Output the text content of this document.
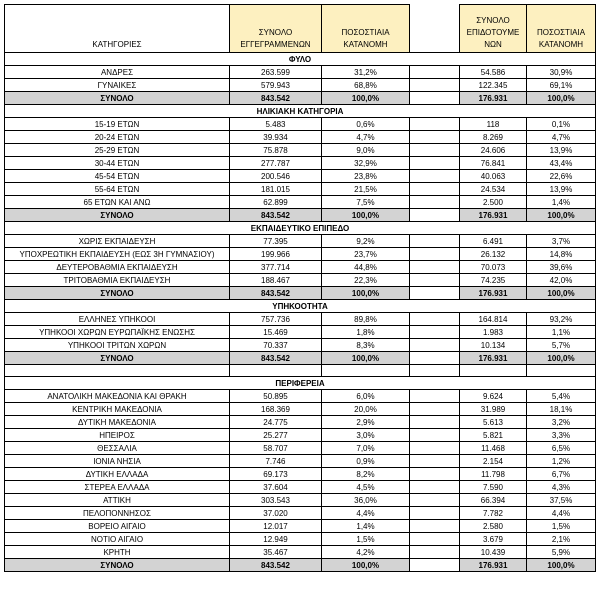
ΚΑΤΗΓΟΡΙΕΣ	ΣΥΝΟΛΟ ΕΓΓΕΓΡΑΜΜΕΝΩΝ	ΠΟΣΟΣΤΙΑΙΑ ΚΑΤΑΝΟΜΗ		ΣΥΝΟΛΟ ΕΠΙΔΟΤΟΥΜΕ ΝΩΝ	ΠΟΣΟΣΤΙΑΙΑ ΚΑΤΑΝΟΜΗ
ΦΥΛΟ					
ΑΝΔΡΕΣ	263.599	31,2%		54.586	30,9%
ΓΥΝΑΙΚΕΣ	579.943	68,8%		122.345	69,1%
ΣΥΝΟΛΟ	843.542	100,0%		176.931	100,0%
ΗΛΙΚΙΑΚΗ ΚΑΤΗΓΟΡΙΑ					
15-19 ΕΤΩΝ	5.483	0,6%		118	0,1%
20-24 ΕΤΩΝ	39.934	4,7%		8.269	4,7%
25-29 ΕΤΩΝ	75.878	9,0%		24.606	13,9%
30-44 ΕΤΩΝ	277.787	32,9%		76.841	43,4%
45-54 ΕΤΩΝ	200.546	23,8%		40.063	22,6%
55-64 ΕΤΩΝ	181.015	21,5%		24.534	13,9%
65 ΕΤΩΝ ΚΑΙ ΑΝΩ	62.899	7,5%		2.500	1,4%
ΣΥΝΟΛΟ	843.542	100,0%		176.931	100,0%
ΕΚΠΑΙΔΕΥΤΙΚΟ ΕΠΙΠΕΔΟ					
ΧΩΡΙΣ ΕΚΠΑΙΔΕΥΣΗ	77.395	9,2%		6.491	3,7%
ΥΠΟΧΡΕΩΤΙΚΗ ΕΚΠΑΙΔΕΥΣΗ (ΕΩΣ 3Η ΓΥΜΝΑΣΙΟΥ)	199.966	23,7%		26.132	14,8%
ΔΕΥΤΕΡΟΒΑΘΜΙΑ ΕΚΠΑΙΔΕΥΣΗ	377.714	44,8%		70.073	39,6%
ΤΡΙΤΟΒΑΘΜΙΑ ΕΚΠΑΙΔΕΥΣΗ	188.467	22,3%		74.235	42,0%
ΣΥΝΟΛΟ	843.542	100,0%		176.931	100,0%
ΥΠΗΚΟΟΤΗΤΑ					
ΕΛΛΗΝΕΣ ΥΠΗΚΟΟΙ	757.736	89,8%		164.814	93,2%
ΥΠΗΚΟΟΙ ΧΩΡΩΝ ΕΥΡΩΠΑΪΚΗΣ ΕΝΩΣΗΣ	15.469	1,8%		1.983	1,1%
ΥΠΗΚΟΟΙ ΤΡΙΤΩΝ ΧΩΡΩΝ	70.337	8,3%		10.134	5,7%
ΣΥΝΟΛΟ	843.542	100,0%		176.931	100,0%

ΠΕΡΙΦΕΡΕΙΑ					
ΑΝΑΤΟΛΙΚΗ ΜΑΚΕΔΟΝΙΑ ΚΑΙ ΘΡΑΚΗ	50.895	6,0%		9.624	5,4%
ΚΕΝΤΡΙΚΗ ΜΑΚΕΔΟΝΙΑ	168.369	20,0%		31.989	18,1%
ΔΥΤΙΚΗ ΜΑΚΕΔΟΝΙΑ	24.775	2,9%		5.613	3,2%
ΗΠΕΙΡΟΣ	25.277	3,0%		5.821	3,3%
ΘΕΣΣΑΛΙΑ	58.707	7,0%		11.468	6,5%
ΙΟΝΙΑ ΝΗΣΙΑ	7.746	0,9%		2.154	1,2%
ΔΥΤΙΚΗ ΕΛΛΑΔΑ	69.173	8,2%		11.798	6,7%
ΣΤΕΡΕΑ ΕΛΛΑΔΑ	37.604	4,5%		7.590	4,3%
ΑΤΤΙΚΗ	303.543	36,0%		66.394	37,5%
ΠΕΛΟΠΟΝΝΗΣΟΣ	37.020	4,4%		7.782	4,4%
ΒΟΡΕΙΟ ΑΙΓΑΙΟ	12.017	1,4%		2.580	1,5%
ΝΟΤΙΟ ΑΙΓΑΙΟ	12.949	1,5%		3.679	2,1%
ΚΡΗΤΗ	35.467	4,2%		10.439	5,9%
ΣΥΝΟΛΟ	843.542	100,0%		176.931	100,0%
